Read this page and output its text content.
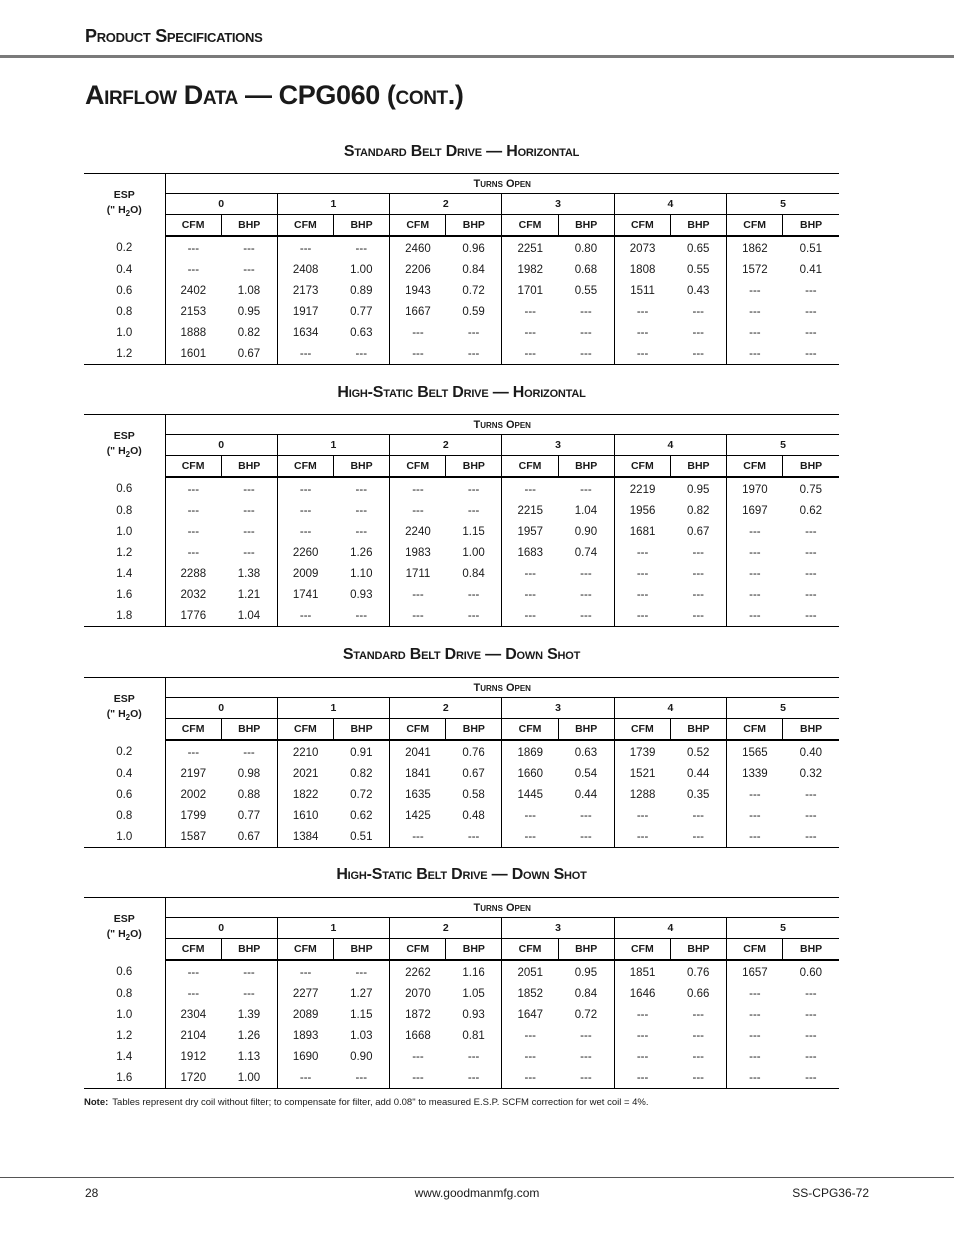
Product Specifications
Airflow Data — CPG060 (cont.)
Standard Belt Drive — Horizontal
ESP
(" $H_2O$)	Turns Open											
	0		1		2		3		4		5	
	CFM	BHP	CFM	BHP	CFM	BHP	CFM	BHP	CFM	BHP	CFM	BHP
0.2	---	---	---	---	2460	0.96	2251	0.80	2073	0.65	1862	0.51
0.4	---	---	2408	1.00	2206	0.84	1982	0.68	1808	0.55	1572	0.41
0.6	2402	1.08	2173	0.89	1943	0.72	1701	0.55	1511	0.43	---	---
0.8	2153	0.95	1917	0.77	1667	0.59	---	---	---	---	---	---
1.0	1888	0.82	1634	0.63	---	---	---	---	---	---	---	---
1.2	1601	0.67	---	---	---	---	---	---	---	---	---	---
High-Static Belt Drive — Horizontal
ESP
(" $H_2O$)	Turns Open											
	0		1		2		3		4		5	
	CFM	BHP	CFM	BHP	CFM	BHP	CFM	BHP	CFM	BHP	CFM	BHP
0.6	---	---	---	---	---	---	---	---	2219	0.95	1970	0.75
0.8	---	---	---	---	---	---	2215	1.04	1956	0.82	1697	0.62
1.0	---	---	---	---	2240	1.15	1957	0.90	1681	0.67	---	---
1.2	---	---	2260	1.26	1983	1.00	1683	0.74	---	---	---	---
1.4	2288	1.38	2009	1.10	1711	0.84	---	---	---	---	---	---
1.6	2032	1.21	1741	0.93	---	---	---	---	---	---	---	---
1.8	1776	1.04	---	---	---	---	---	---	---	---	---	---
Standard Belt Drive — Down Shot
ESP
(" $H_2O$)	Turns Open											
	0		1		2		3		4		5	
	CFM	BHP	CFM	BHP	CFM	BHP	CFM	BHP	CFM	BHP	CFM	BHP
0.2	---	---	2210	0.91	2041	0.76	1869	0.63	1739	0.52	1565	0.40
0.4	2197	0.98	2021	0.82	1841	0.67	1660	0.54	1521	0.44	1339	0.32
0.6	2002	0.88	1822	0.72	1635	0.58	1445	0.44	1288	0.35	---	---
0.8	1799	0.77	1610	0.62	1425	0.48	---	---	---	---	---	---
1.0	1587	0.67	1384	0.51	---	---	---	---	---	---	---	---
High-Static Belt Drive — Down Shot
ESP
(" $H_2O$)	Turns Open											
	0		1		2		3		4		5	
	CFM	BHP	CFM	BHP	CFM	BHP	CFM	BHP	CFM	BHP	CFM	BHP
0.6	---	---	---	---	2262	1.16	2051	0.95	1851	0.76	1657	0.60
0.8	---	---	2277	1.27	2070	1.05	1852	0.84	1646	0.66	---	---
1.0	2304	1.39	2089	1.15	1872	0.93	1647	0.72	---	---	---	---
1.2	2104	1.26	1893	1.03	1668	0.81	---	---	---	---	---	---
1.4	1912	1.13	1690	0.90	---	---	---	---	---	---	---	---
1.6	1720	1.00	---	---	---	---	---	---	---	---	---	---
Note: Tables represent dry coil without filter; to compensate for filter, add 0.08" to measured E.S.P. SCFM correction for wet coil = 4%.
28	www.goodmanmfg.com	SS-CPG36-72
